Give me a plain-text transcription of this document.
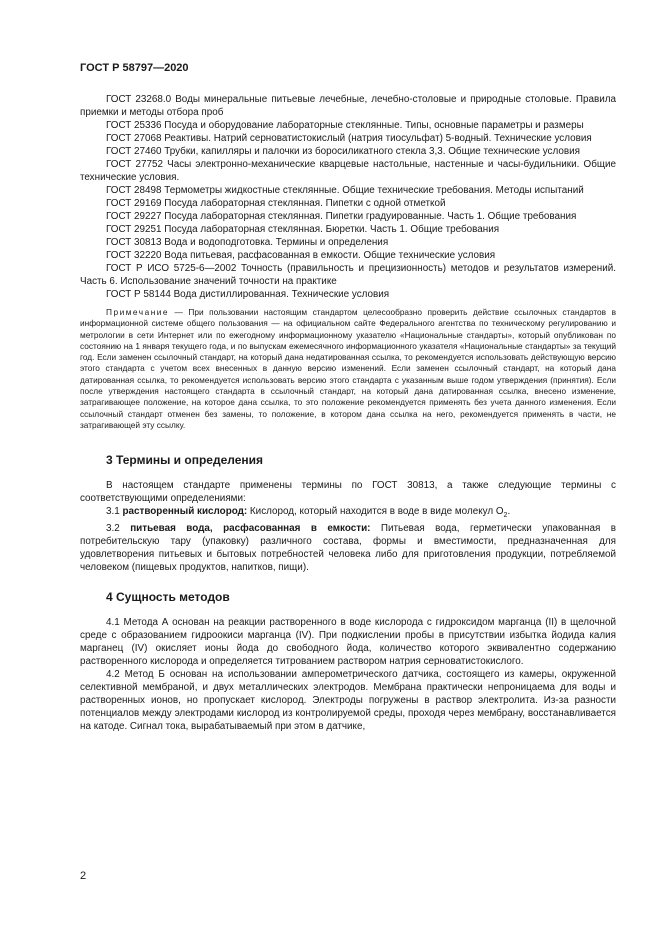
ГОСТ Р 58797—2020

ГОСТ 23268.0 Воды минеральные питьевые лечебные, лечебно-столовые и природные столовые. Правила приемки и методы отбора проб

ГОСТ 25336 Посуда и оборудование лабораторные стеклянные. Типы, основные параметры и размеры

ГОСТ 27068 Реактивы. Натрий серноватистокислый (натрия тиосульфат) 5-водный. Технические условия

ГОСТ 27460 Трубки, капилляры и палочки из боросиликатного стекла 3,3. Общие технические условия

ГОСТ 27752 Часы электронно-механические кварцевые настольные, настенные и часы-будильники. Общие технические условия.

ГОСТ 28498 Термометры жидкостные стеклянные. Общие технические требования. Методы испытаний

ГОСТ 29169 Посуда лабораторная стеклянная. Пипетки с одной отметкой

ГОСТ 29227 Посуда лабораторная стеклянная. Пипетки градуированные. Часть 1. Общие требования

ГОСТ 29251 Посуда лабораторная стеклянная. Бюретки. Часть 1. Общие требования

ГОСТ 30813 Вода и водоподготовка. Термины и определения

ГОСТ 32220 Вода питьевая, расфасованная в емкости. Общие технические условия

ГОСТ Р ИСО 5725-6—2002 Точность (правильность и прецизионность) методов и результатов измерений. Часть 6. Использование значений точности на практике

ГОСТ Р 58144 Вода дистиллированная. Технические условия

Примечание — При пользовании настоящим стандартом целесообразно проверить действие ссылочных стандартов в информационной системе общего пользования — на официальном сайте Федерального агентства по техническому регулированию и метрологии в сети Интернет или по ежегодному информационному указателю «Национальные стандарты», который опубликован по состоянию на 1 января текущего года, и по выпускам ежемесячного информационного указателя «Национальные стандарты» за текущий год. Если заменен ссылочный стандарт, на который дана недатированная ссылка, то рекомендуется использовать действующую версию этого стандарта с учетом всех внесенных в данную версию изменений. Если заменен ссылочный стандарт, на который дана датированная ссылка, то рекомендуется использовать версию этого стандарта с указанным выше годом утверждения (принятия). Если после утверждения настоящего стандарта в ссылочный стандарт, на который дана датированная ссылка, внесено изменение, затрагивающее положение, на которое дана ссылка, то это положение рекомендуется применять без учета данного изменения. Если ссылочный стандарт отменен без замены, то положение, в котором дана ссылка на него, рекомендуется применять в части, не затрагивающей эту ссылку.

3 Термины и определения

В настоящем стандарте применены термины по ГОСТ 30813, а также следующие термины с соответствующими определениями:

3.1 растворенный кислород: Кислород, который находится в воде в виде молекул $О_2$.

3.2 питьевая вода, расфасованная в емкости: Питьевая вода, герметически упакованная в потребительскую тару (упаковку) различного состава, формы и вместимости, предназначенная для удовлетворения питьевых и бытовых потребностей человека либо для приготовления продукции, потребляемой человеком (пищевых продуктов, напитков, пищи).

4 Сущность методов

4.1 Метода А основан на реакции растворенного в воде кислорода с гидроксидом марганца (II) в щелочной среде с образованием гидроокиси марганца (IV). При подкислении пробы в присутствии избытка йодида калия марганец (IV) окисляет ионы йода до свободного йода, количество которого эквивалентно содержанию растворенного кислорода и определяется титрованием раствором натрия серноватистокислого.

4.2 Метод Б основан на использовании амперометрического датчика, состоящего из камеры, окруженной селективной мембраной, и двух металлических электродов. Мембрана практически непроницаема для воды и растворенных ионов, но пропускает кислород. Электроды погружены в раствор электролита. Из-за разности потенциалов между электродами кислород из контролируемой среды, проходя через мембрану, восстанавливается на катоде. Сигнал тока, вырабатываемый при этом в датчике,

2
